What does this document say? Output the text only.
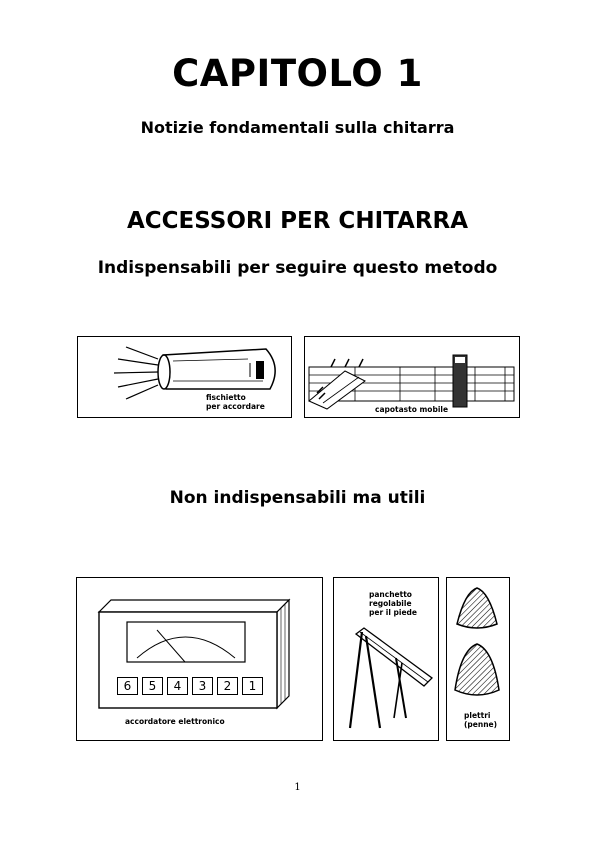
CAPITOLO 1
Notizie fondamentali sulla chitarra
ACCESSORI PER CHITARRA
Indispensabili per seguire questo metodo
fischietto
per accordare	capotasto mobile
Non indispensabili ma utili
6	5	4	3	2	1
accordatore elettronico
panchetto
regolabile
per il piede
plettri
(penne)
1
